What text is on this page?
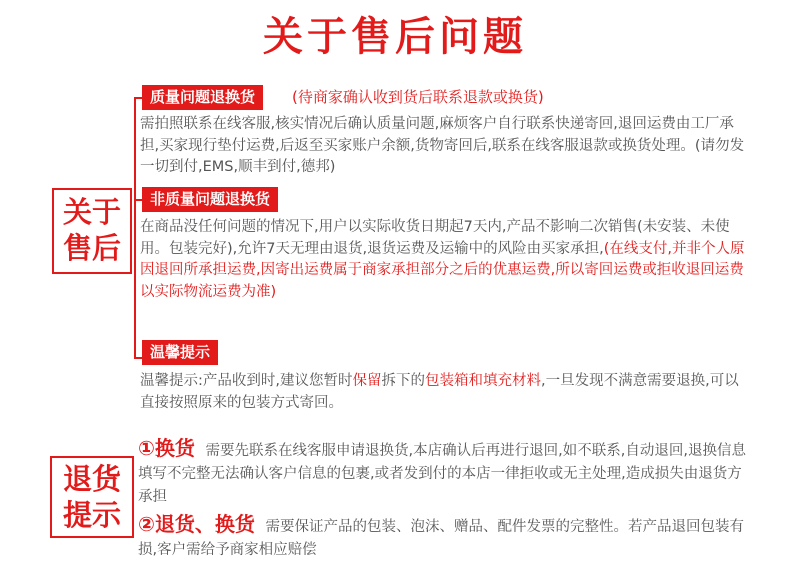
关于售后问题
关于
售后
质量问题退换货	(待商家确认收到货后联系退款或换货)
需拍照联系在线客服,核实情况后确认质量问题,麻烦客户自行联系快递寄回,退回运费由工厂承担,买家现行垫付运费,后返至买家账户余额,货物寄回后,联系在线客服退款或换货处理。(请勿发一切到付,EMS,顺丰到付,德邦)
非质量问题退换货
在商品没任何问题的情况下,用户以实际收货日期起7天内,产品不影响二次销售(未安装、未使用。包装完好),允许7天无理由退货,退货运费及运输中的风险由买家承担,(在线支付,并非个人原因退回所承担运费,因寄出运费属于商家承担部分之后的优惠运费,所以寄回运费或拒收退回运费以实际物流运费为准)
温馨提示
温馨提示:产品收到时,建议您暂时保留拆下的包装箱和填充材料,一旦发现不满意需要退换,可以直接按照原来的包装方式寄回。
退货
提示
①换货 需要先联系在线客服申请退换货,本店确认后再进行退回,如不联系,自动退回,退换信息填写不完整无法确认客户信息的包裹,或者发到付的本店一律拒收或无主处理,造成损失由退货方承担
②退货、换货 需要保证产品的包装、泡沫、赠品、配件发票的完整性。若产品退回包装有损,客户需给予商家相应赔偿
